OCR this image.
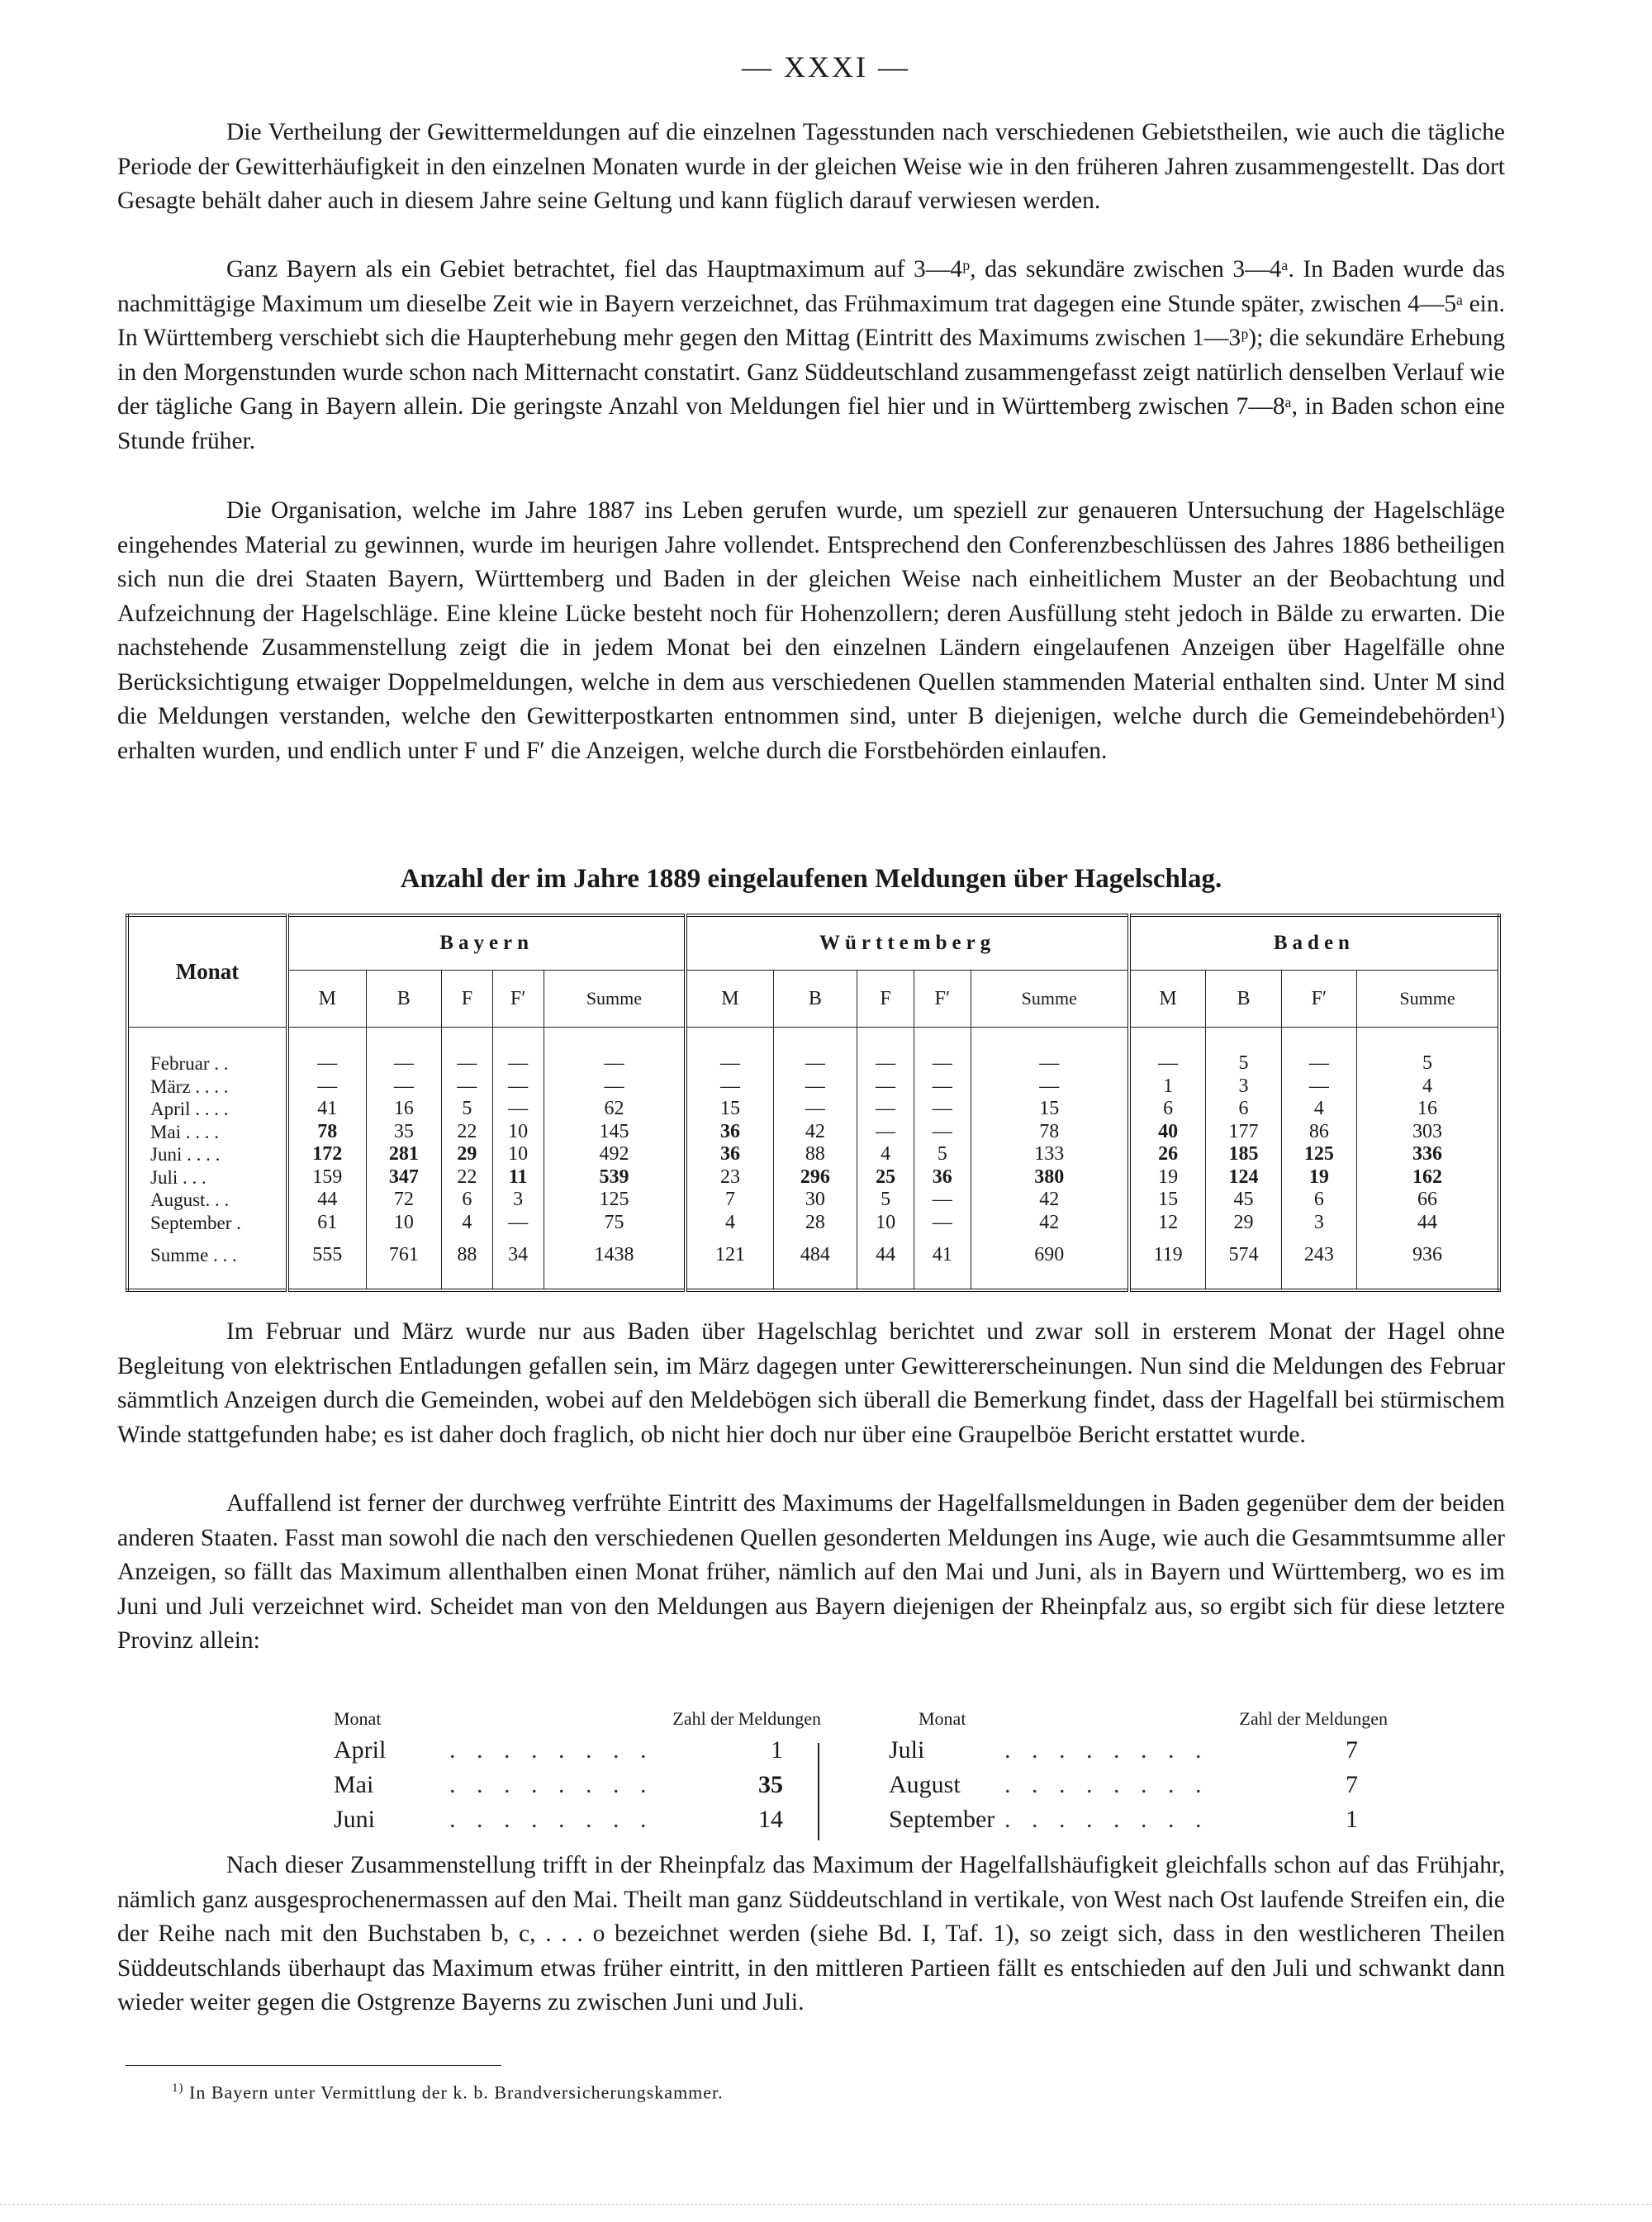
— XXXI —

Die Vertheilung der Gewittermeldungen auf die einzelnen Tagesstunden nach verschiedenen Gebietstheilen, wie auch die tägliche Periode der Gewitterhäufigkeit in den einzelnen Monaten wurde in der gleichen Weise wie in den früheren Jahren zusammengestellt. Das dort Gesagte behält daher auch in diesem Jahre seine Geltung und kann füglich darauf verwiesen werden.

Ganz Bayern als ein Gebiet betrachtet, fiel das Hauptmaximum auf 3—4ᵖ, das sekundäre zwischen 3—4ᵃ. In Baden wurde das nachmittägige Maximum um dieselbe Zeit wie in Bayern verzeichnet, das Frühmaximum trat dagegen eine Stunde später, zwischen 4—5ᵃ ein. In Württemberg verschiebt sich die Haupterhebung mehr gegen den Mittag (Eintritt des Maximums zwischen 1—3ᵖ); die sekundäre Erhebung in den Morgenstunden wurde schon nach Mitternacht constatirt. Ganz Süddeutschland zusammengefasst zeigt natürlich denselben Verlauf wie der tägliche Gang in Bayern allein. Die geringste Anzahl von Meldungen fiel hier und in Württemberg zwischen 7—8ᵃ, in Baden schon eine Stunde früher.

Die Organisation, welche im Jahre 1887 ins Leben gerufen wurde, um speziell zur genaueren Untersuchung der Hagelschläge eingehendes Material zu gewinnen, wurde im heurigen Jahre vollendet. Entsprechend den Conferenzbeschlüssen des Jahres 1886 betheiligen sich nun die drei Staaten Bayern, Württemberg und Baden in der gleichen Weise nach einheitlichem Muster an der Beobachtung und Aufzeichnung der Hagelschläge. Eine kleine Lücke besteht noch für Hohenzollern; deren Ausfüllung steht jedoch in Bälde zu erwarten. Die nachstehende Zusammenstellung zeigt die in jedem Monat bei den einzelnen Ländern eingelaufenen Anzeigen über Hagelfälle ohne Berücksichtigung etwaiger Doppelmeldungen, welche in dem aus verschiedenen Quellen stammenden Material enthalten sind. Unter M sind die Meldungen verstanden, welche den Gewitterpostkarten entnommen sind, unter B diejenigen, welche durch die Gemeindebehörden¹) erhalten wurden, und endlich unter F und F′ die Anzeigen, welche durch die Forstbehörden einlaufen.

Anzahl der im Jahre 1889 eingelaufenen Meldungen über Hagelschlag.
Monat	Bayern					Württemberg					Baden			
	M	B	F	F′	Summe	M	B	F	F′	Summe	M	B	F′	Summe

Februar . .	—	—	—	—	—	—	—	—	—	—	—	5	—	5
März . . . .	—	—	—	—	—	—	—	—	—	—	1	3	—	4
April . . . .	41	16	5	—	62	15	—	—	—	15	6	6	4	16
Mai . . . .	78	35	22	10	145	36	42	—	—	78	40	177	86	303
Juni . . . .	172	281	29	10	492	36	88	4	5	133	26	185	125	336
Juli . . .	159	347	22	11	539	23	296	25	36	380	19	124	19	162
August. . .	44	72	6	3	125	7	30	5	—	42	15	45	6	66
September .	61	10	4	—	75	4	28	10	—	42	12	29	3	44
Summe . . .	555	761	88	34	1438	121	484	44	41	690	119	574	243	936

Im Februar und März wurde nur aus Baden über Hagelschlag berichtet und zwar soll in ersterem Monat der Hagel ohne Begleitung von elektrischen Entladungen gefallen sein, im März dagegen unter Gewittererscheinungen. Nun sind die Meldungen des Februar sämmtlich Anzeigen durch die Gemeinden, wobei auf den Meldebögen sich überall die Bemerkung findet, dass der Hagelfall bei stürmischem Winde stattgefunden habe; es ist daher doch fraglich, ob nicht hier doch nur über eine Graupelböe Bericht erstattet wurde.

Auffallend ist ferner der durchweg verfrühte Eintritt des Maximums der Hagelfallsmeldungen in Baden gegenüber dem der beiden anderen Staaten. Fasst man sowohl die nach den verschiedenen Quellen gesonderten Meldungen ins Auge, wie auch die Gesammtsumme aller Anzeigen, so fällt das Maximum allenthalben einen Monat früher, nämlich auf den Mai und Juni, als in Bayern und Württemberg, wo es im Juni und Juli verzeichnet wird. Scheidet man von den Meldungen aus Bayern diejenigen der Rheinpfalz aus, so ergibt sich für diese letztere Provinz allein:

Monat	Zahl der Meldungen
April	. . . . . . . .	1
Mai	. . . . . . . .	35
Juni	. . . . . . . .	14
Monat	Zahl der Meldungen
Juli	. . . . . . . .	7
August . . . . . . . .	7
September . . . . . . . .	1

Nach dieser Zusammenstellung trifft in der Rheinpfalz das Maximum der Hagelfallshäufigkeit gleichfalls schon auf das Frühjahr, nämlich ganz ausgesprochenermassen auf den Mai. Theilt man ganz Süddeutschland in vertikale, von West nach Ost laufende Streifen ein, die der Reihe nach mit den Buchstaben b, c, . . . o bezeichnet werden (siehe Bd. I, Taf. 1), so zeigt sich, dass in den westlicheren Theilen Süddeutschlands überhaupt das Maximum etwas früher eintritt, in den mittleren Partieen fällt es entschieden auf den Juli und schwankt dann wieder weiter gegen die Ostgrenze Bayerns zu zwischen Juni und Juli.

$^{1)}$ In Bayern unter Vermittlung der k. b. Brandversicherungskammer.
